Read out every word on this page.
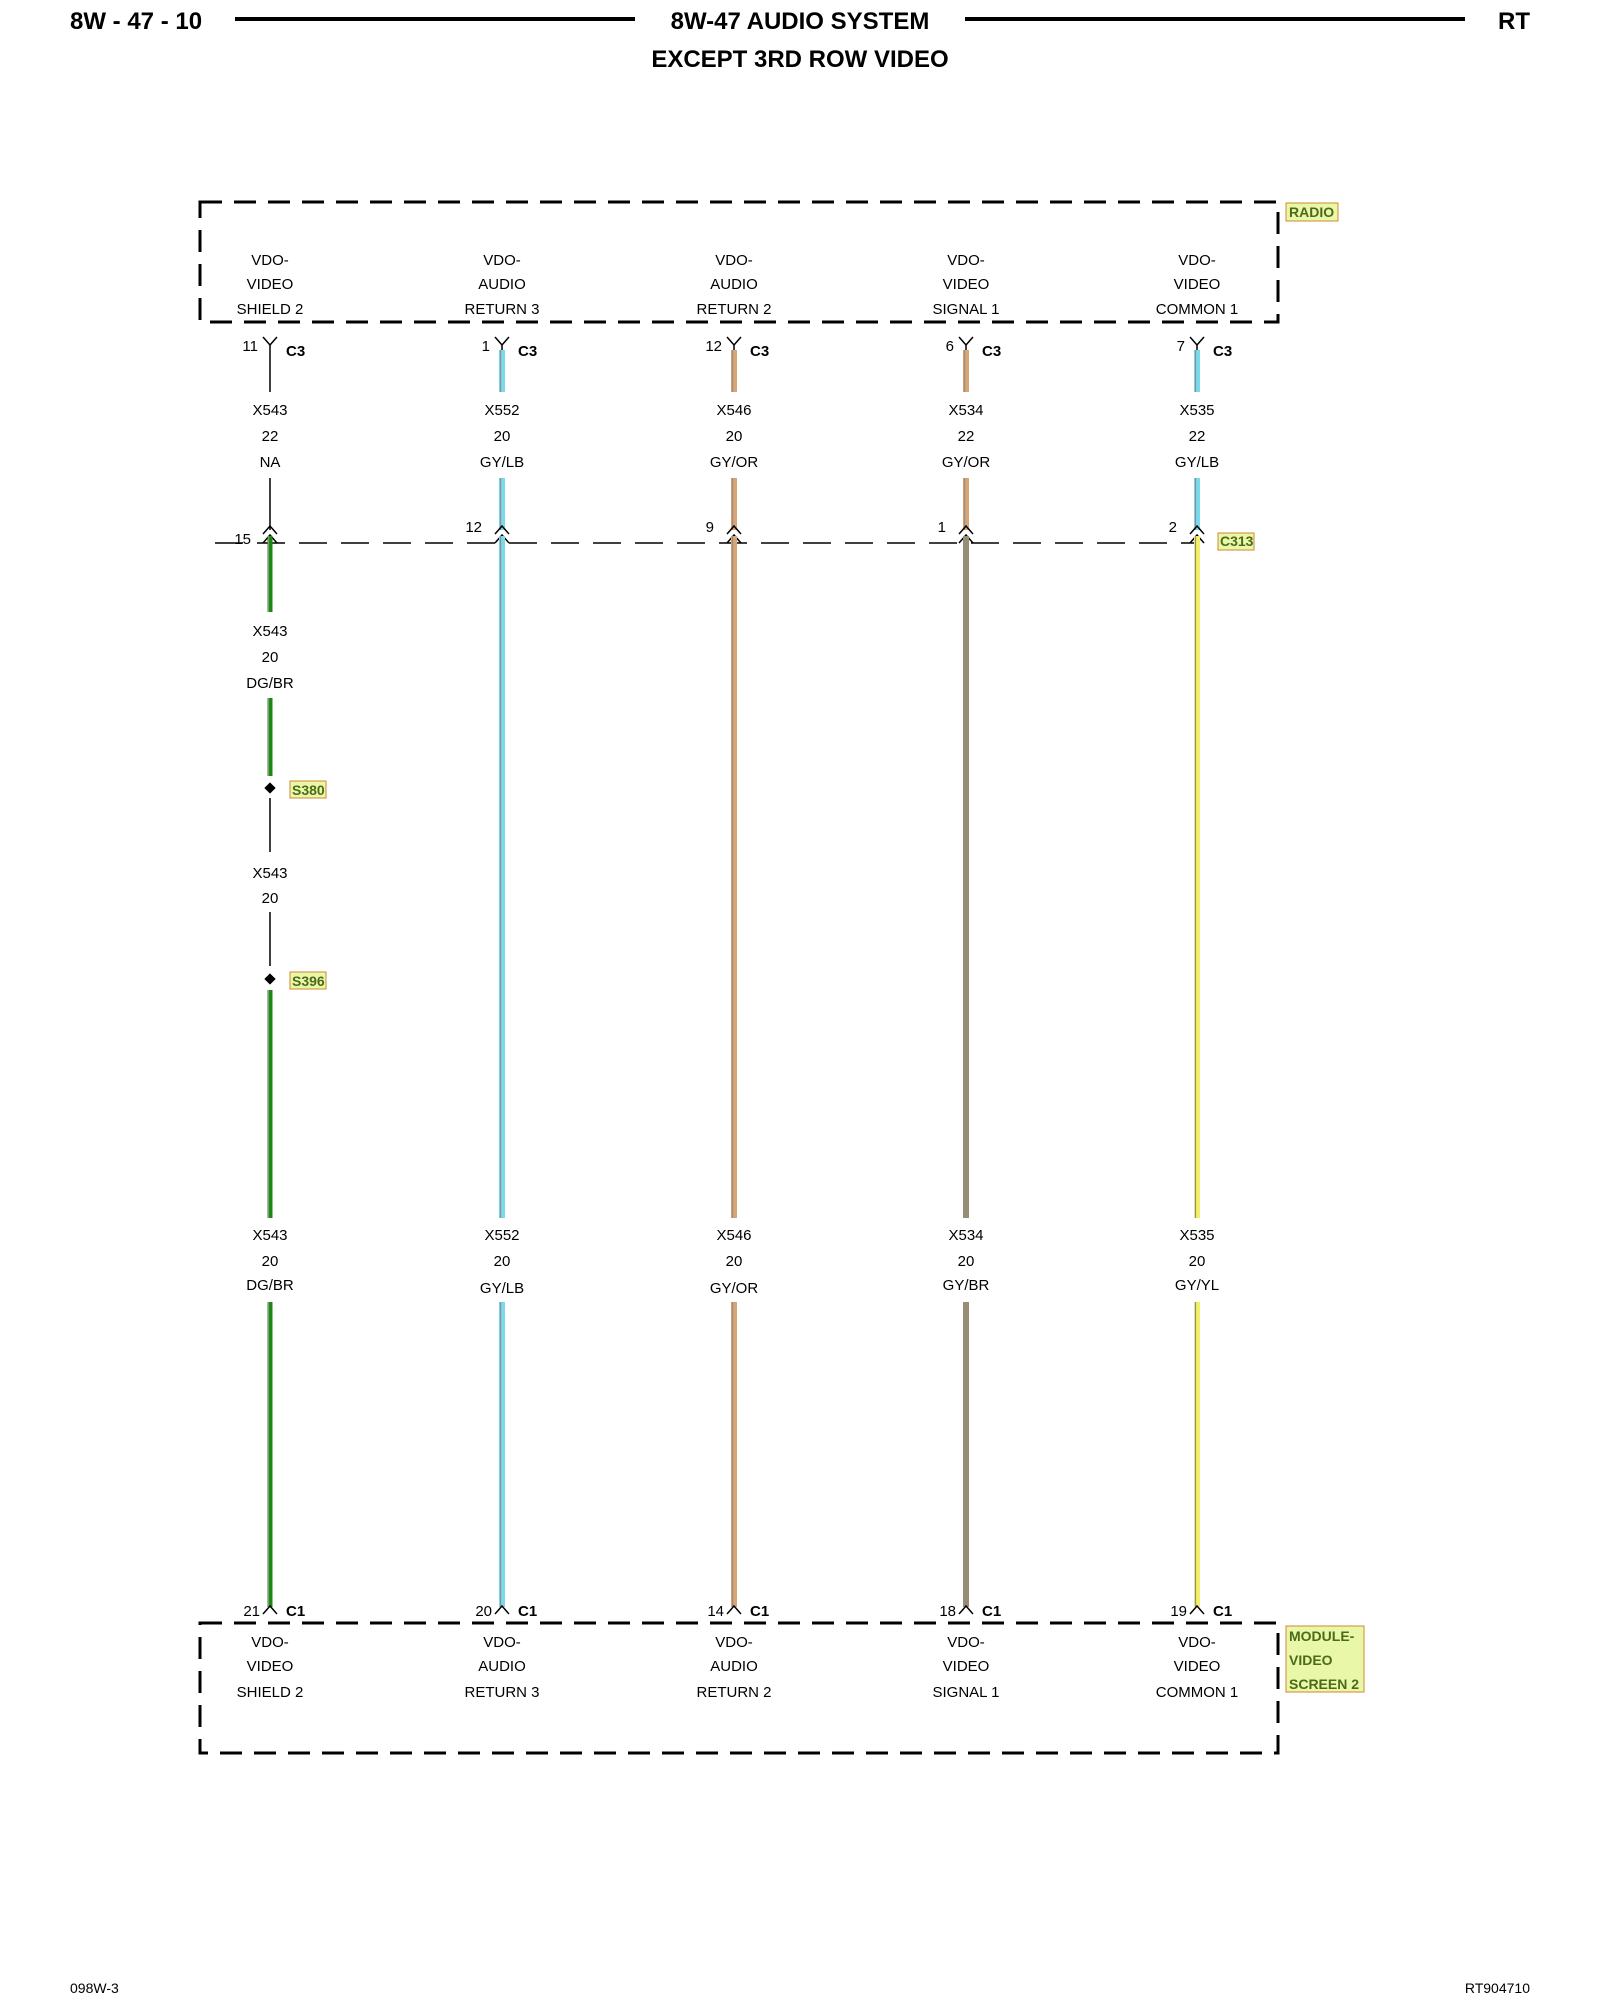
8W - 47 - 10	8W-47 AUDIO SYSTEM	RT
EXCEPT 3RD ROW VIDEO
RADIO
MODULE-
VIDEO
SCREEN 2
C313
S380
S396
VDO-
VIDEO
SHIELD 2
11 C3
X543
22
NA
15
X543
20
DG/BR
X543
20
X543
20
DG/BR
21 C1
VDO-
VIDEO
SHIELD 2
VDO-
AUDIO
RETURN 3
1 C3
X552
20
GY/LB
12
X552
20
GY/LB
20 C1
VDO-
AUDIO
RETURN 3
VDO-
AUDIO
RETURN 2
12 C3
X546
20
GY/OR
9
X546
20
GY/OR
14 C1
VDO-
AUDIO
RETURN 2
VDO-
VIDEO
SIGNAL 1
6 C3
X534
22
GY/OR
1
X534
20
GY/BR
18 C1
VDO-
VIDEO
SIGNAL 1
VDO-
VIDEO
COMMON 1
7 C3
X535
22
GY/LB
2
X535
20
GY/YL
19 C1
VDO-
VIDEO
COMMON 1
098W-3	RT904710
